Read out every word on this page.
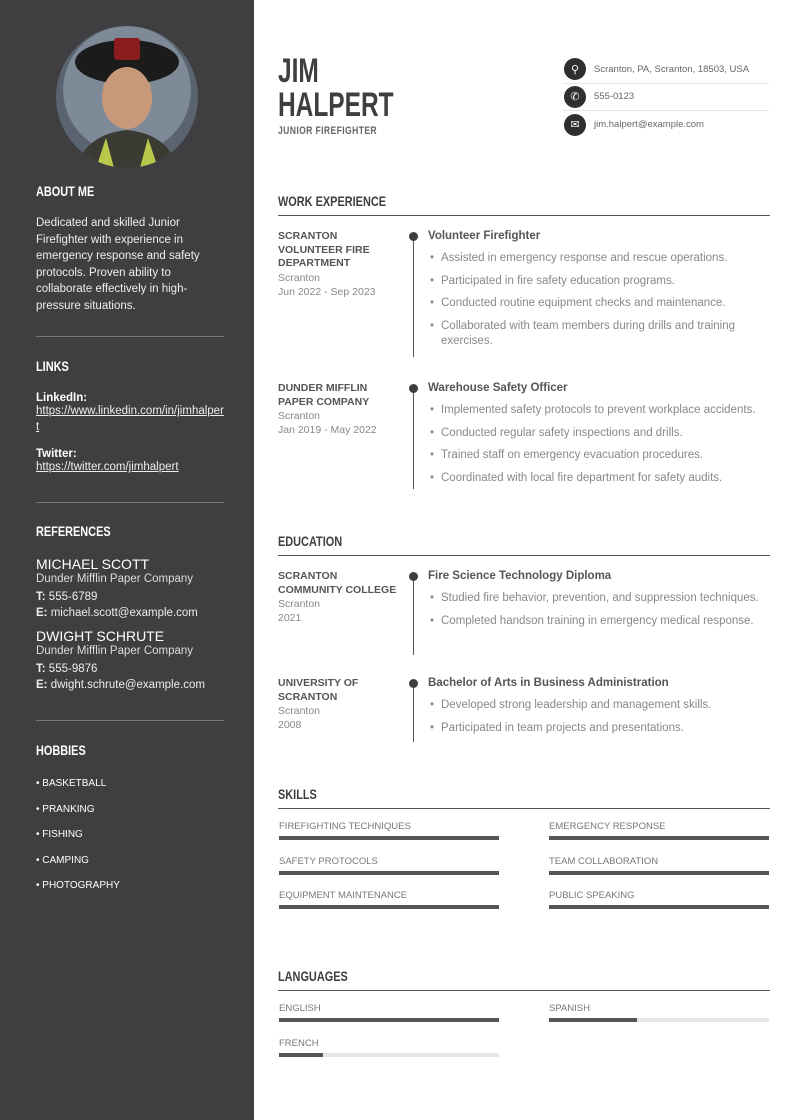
ABOUT ME

Dedicated and skilled Junior Firefighter with experience in emergency response and safety protocols. Proven ability to collaborate effectively in high-pressure situations.

LINKS
LinkedIn:
https://www.linkedin.com/in/jimhalpert
Twitter:
https://twitter.com/jimhalpert
REFERENCES
MICHAEL SCOTT
Dunder Mifflin Paper Company
T: 555-6789
E: michael.scott@example.com
DWIGHT SCHRUTE
Dunder Mifflin Paper Company
T: 555-9876
E: dwight.schrute@example.com
HOBBIES
• BASKETBALL
• PRANKING
• FISHING
• CAMPING
• PHOTOGRAPHY
JIM
HALPERT
JUNIOR FIREFIGHTER
⚲	Scranton, PA, Scranton, 18503, USA
✆	555-0123
✉	jim.halpert@example.com
WORK EXPERIENCE
SCRANTON VOLUNTEER FIRE DEPARTMENT
Scranton
Jun 2022 - Sep 2023
Volunteer Firefighter
• Assisted in emergency response and rescue operations.
• Participated in fire safety education programs.
• Conducted routine equipment checks and maintenance.
• Collaborated with team members during drills and training exercises.
DUNDER MIFFLIN PAPER COMPANY
Scranton
Jan 2019 - May 2022
Warehouse Safety Officer
• Implemented safety protocols to prevent workplace accidents.
• Conducted regular safety inspections and drills.
• Trained staff on emergency evacuation procedures.
• Coordinated with local fire department for safety audits.
EDUCATION
SCRANTON COMMUNITY COLLEGE
Scranton
2021
Fire Science Technology Diploma
• Studied fire behavior, prevention, and suppression techniques.
• Completed handson training in emergency medical response.
UNIVERSITY OF SCRANTON
Scranton
2008
Bachelor of Arts in Business Administration
• Developed strong leadership and management skills.
• Participated in team projects and presentations.
SKILLS
FIREFIGHTING TECHNIQUES	EMERGENCY RESPONSE
SAFETY PROTOCOLS	TEAM COLLABORATION
EQUIPMENT MAINTENANCE	PUBLIC SPEAKING
LANGUAGES
ENGLISH	SPANISH
FRENCH
